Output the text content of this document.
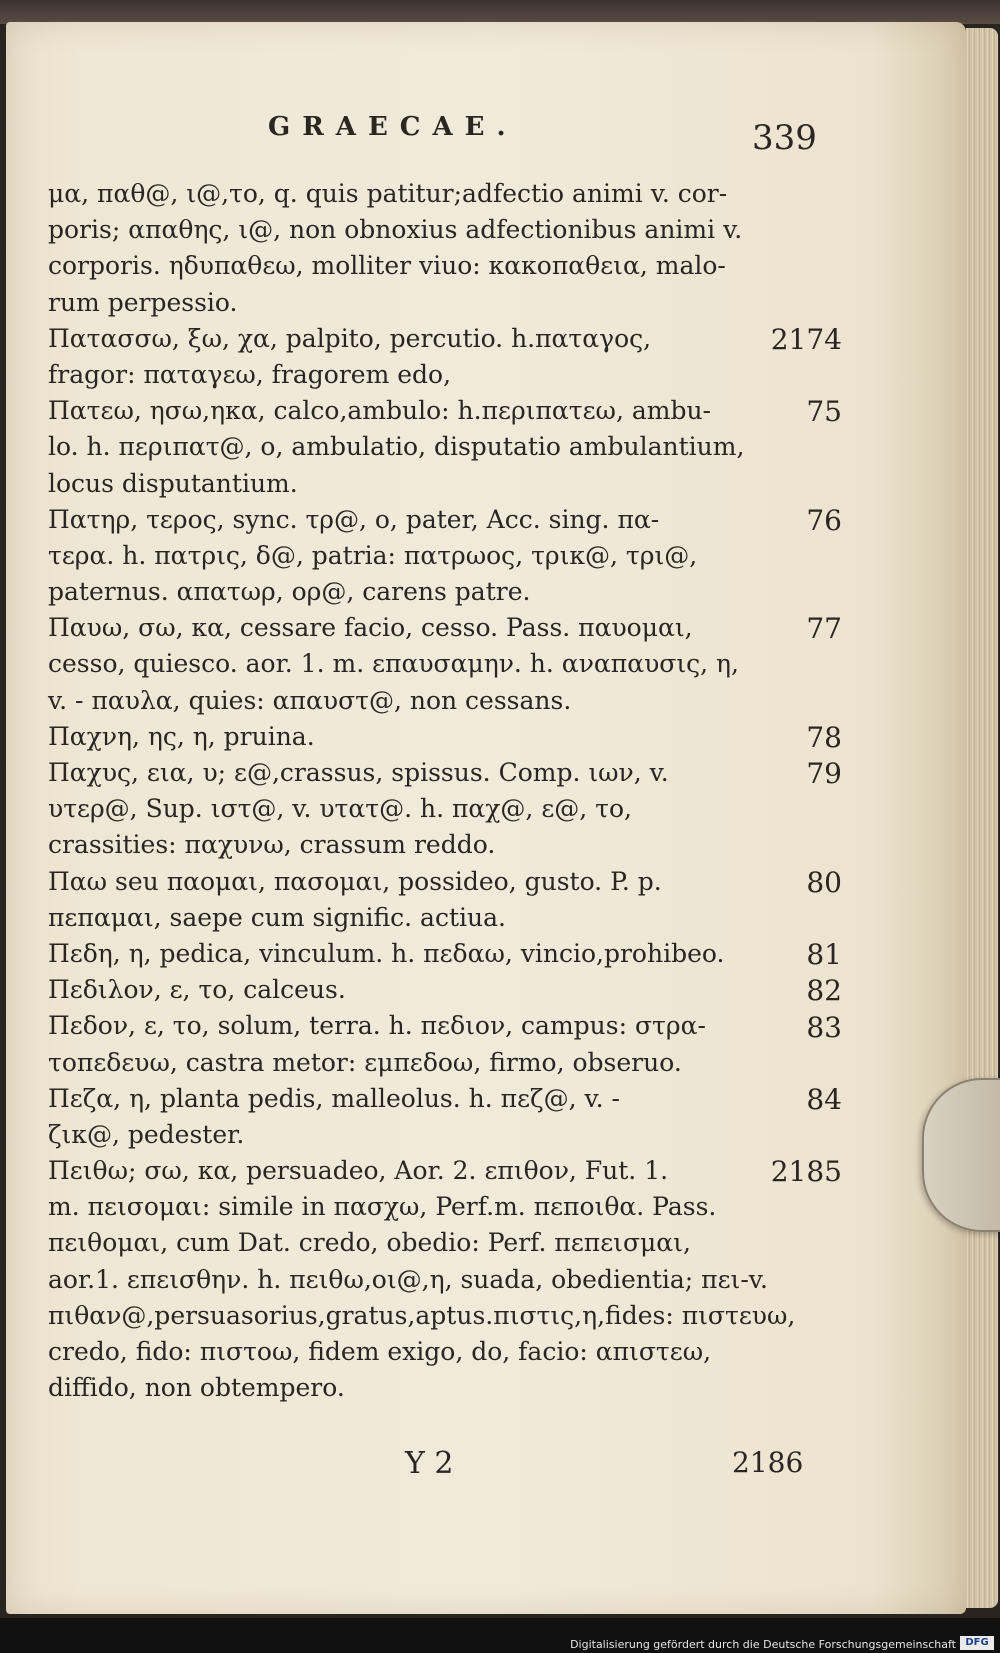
GRAECAE.	339
μα, παθ@, ι@,το, q. quis patitur;adfectio animi v. cor-
poris; απαθης, ι@, non obnoxius adfectionibus animi v.
corporis. ηδυπαθεω, molliter viuo: κακοπαθεια, malo-
rum perpessio.
Πατασσω, ξω, χα, palpito, percutio. h.παταγος,
fragor: παταγεω, fragorem edo,
Πατεω, ησω,ηκα, calco,ambulo: h.περιπατεω, ambu-
lo. h. περιπατ@, ο, ambulatio, disputatio ambulantium,
locus disputantium.
Πατηρ, τερος, sync. τρ@, ο, pater, Acc. sing. πα-
τερα. h. πατρις, δ@, patria: πατρωος, τρικ@, τρι@,
paternus. απατωρ, ορ@, carens patre.
Παυω, σω, κα, cessare facio, cesso. Pass. παυομαι,
cesso, quiesco. aor. 1. m. επαυσαμην. h. αναπαυσις, η,
v. - παυλα, quies: απαυστ@, non cessans.
Παχνη, ης, η, pruina.
Παχυς, εια, υ; ε@,crassus, spissus. Comp. ιων, v.
υτερ@, Sup. ιστ@, v. υτατ@. h. παχ@, ε@, το,
crassities: παχυνω, crassum reddo.
Παω seu παομαι, πασομαι, possideo, gusto. P. p.
πεπαμαι, saepe cum signific. actiua.
Πεδη, η, pedica, vinculum. h. πεδαω, vincio,prohibeo.
Πεδιλον, ε, το, calceus.
Πεδον, ε, το, solum, terra. h. πεδιον, campus: στρα-
τοπεδευω, castra metor: εμπεδοω, firmo, obseruo.
Πεζα, η, planta pedis, malleolus. h. πεζ@, v. -
ζικ@, pedester.
Πειθω; σω, κα, persuadeo, Aor. 2. επιθον, Fut. 1.
m. πεισομαι: simile in πασχω, Perf.m. πεποιθα. Pass.
πειθομαι, cum Dat. credo, obedio: Perf. πεπεισμαι,
aor.1. επεισθην. h. πειθω,οι@,η, suada, obedientia; πει-v.
πιθαν@,persuasorius,gratus,aptus.πιστις,η,fides: πιστευω,
credo, fido: πιστοω, fidem exigo, do, facio: απιστεω,
diffido, non obtempero.
Y 2	2186
Digitalisierung gefördert durch die Deutsche Forschungsgemeinschaft DFG
2174
75
76
77
78
79
80
81
82
83
84
2185
